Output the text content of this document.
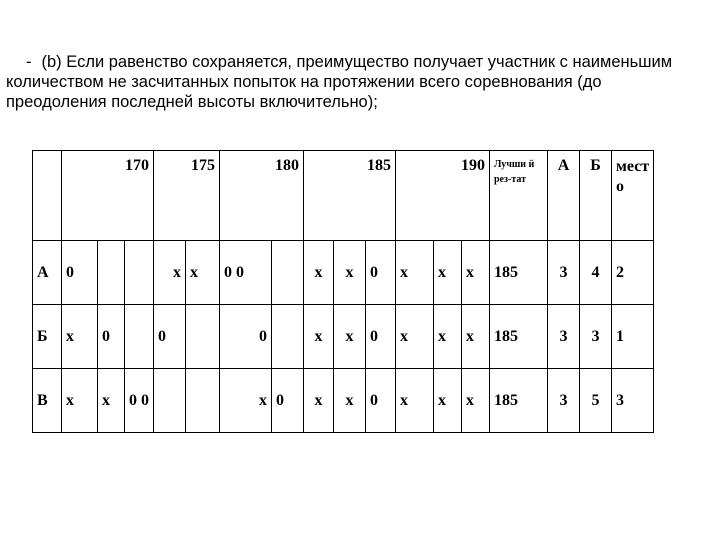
- (b) Если равенство сохраняется, преимущество получает участник с наименьшим количеством не засчитанных попыток на протяжении всего соревнования (до преодоления последней высоты включительно);
	170			175		180		185			190			Лучши й рез-тат	А	Б	мест о
А	0			x	x	0 0		x	x	0	x	x	x	185	3	4	2
Б	x	0		0		0		x	x	0	x	x	x	185	3	3	1
В	x	x	0 0			x	0	x	x	0	x	x	x	185	3	5	3
